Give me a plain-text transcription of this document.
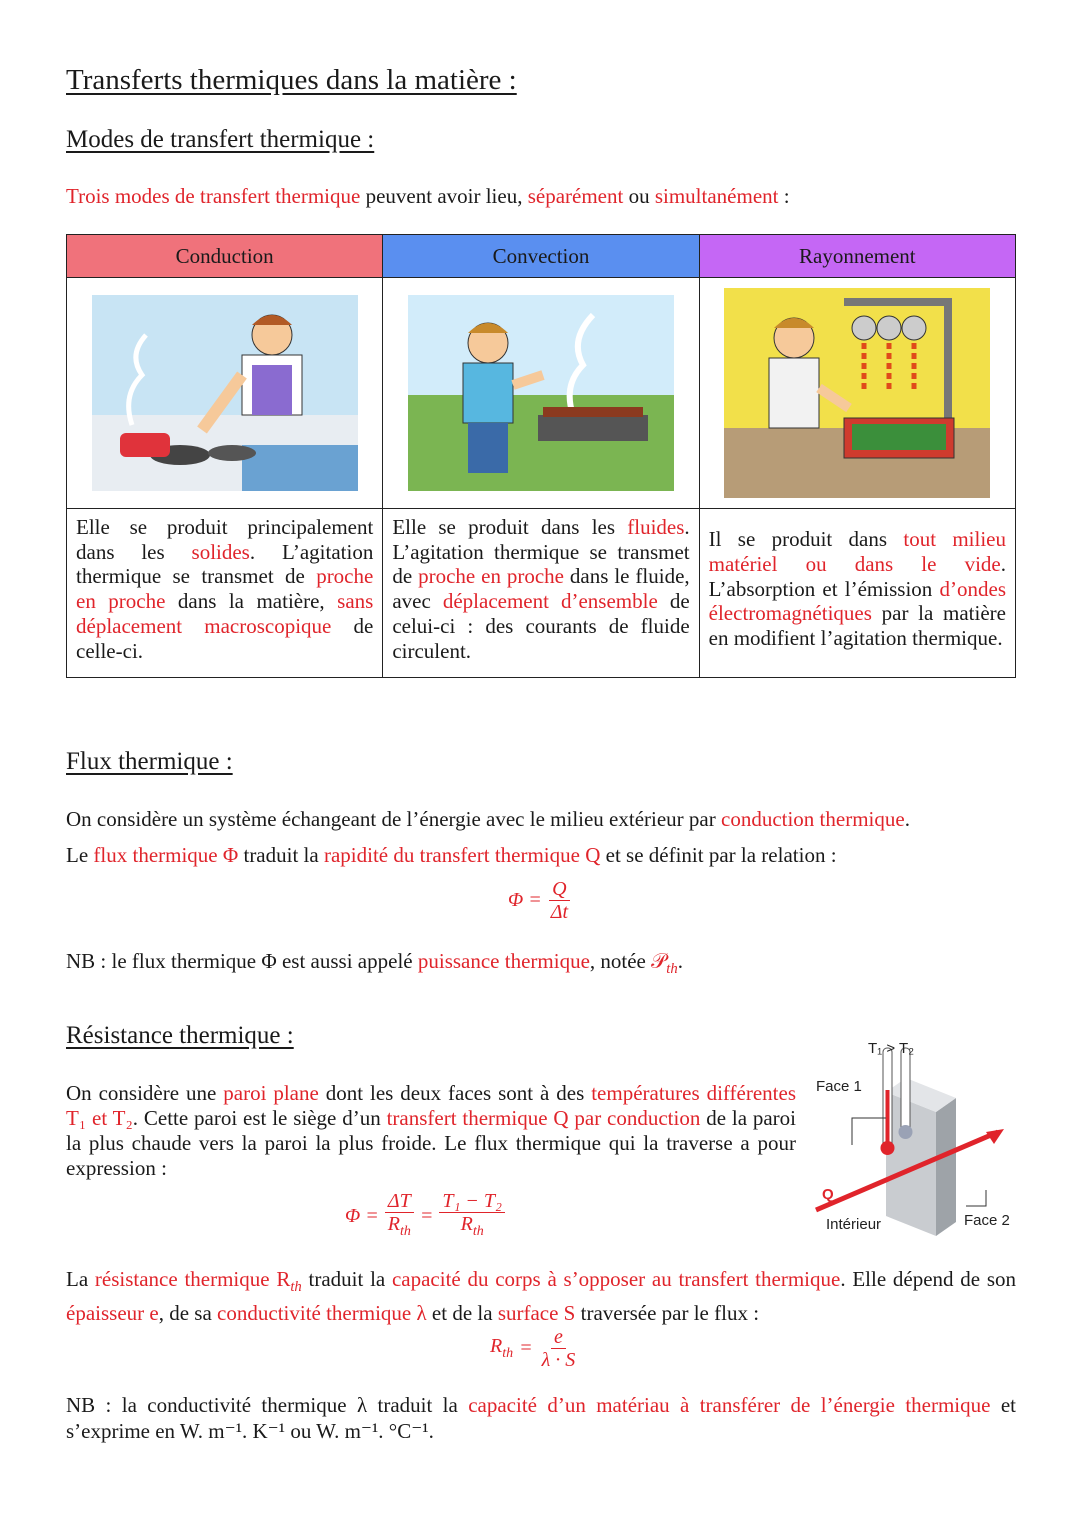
Transferts thermiques dans la matière :
Modes de transfert thermique :
Trois modes de transfert thermique peuvent avoir lieu, séparément ou simultanément :
Conduction	Convection	Rayonnement

Elle se produit principalement dans les solides. L’agitation thermique se transmet de proche en proche dans la matière, sans déplacement macroscopique de celle-ci.	Elle se produit dans les fluides. L’agitation thermique se transmet de proche en proche dans le fluide, avec déplacement d’ensemble de celui-ci : des courants de fluide circulent.	Il se produit dans tout milieu matériel ou dans le vide. L’absorption et l’émission d’ondes électromagnétiques par la matière en modifient l’agitation thermique.
Flux thermique :
On considère un système échangeant de l’énergie avec le milieu extérieur par conduction thermique.
Le flux thermique Φ traduit la rapidité du transfert thermique Q et se définit par la relation :
$\Phi = \frac{Q}{\Delta t}$
NB : le flux thermique Φ est aussi appelé puissance thermique, notée 𝒫$_{th}$.
Résistance thermique :
On considère une paroi plane dont les deux faces sont à des températures différentes T₁ et T₂. Cette paroi est le siège d’un transfert thermique Q par conduction de la paroi la plus chaude vers la paroi la plus froide. Le flux thermique qui la traverse a pour expression :
$\Phi = \frac{\Delta T}{R_{th}} = \frac{\text{T₁ − T₂}}{R_{th}}$
La résistance thermique $R_{th}$ traduit la capacité du corps à s’opposer au transfert thermique. Elle dépend de son épaisseur e, de sa conductivité thermique λ et de la surface S traversée par le flux :
$R_{th} = \frac{e}{\lambda \cdot S}$
NB : la conductivité thermique λ traduit la capacité d’un matériau à transférer de l’énergie thermique et s’exprime en W. m⁻¹. K⁻¹ ou W. m⁻¹. °C⁻¹.
T₁ > T₂
Face 1
Q
Intérieur	Face 2
